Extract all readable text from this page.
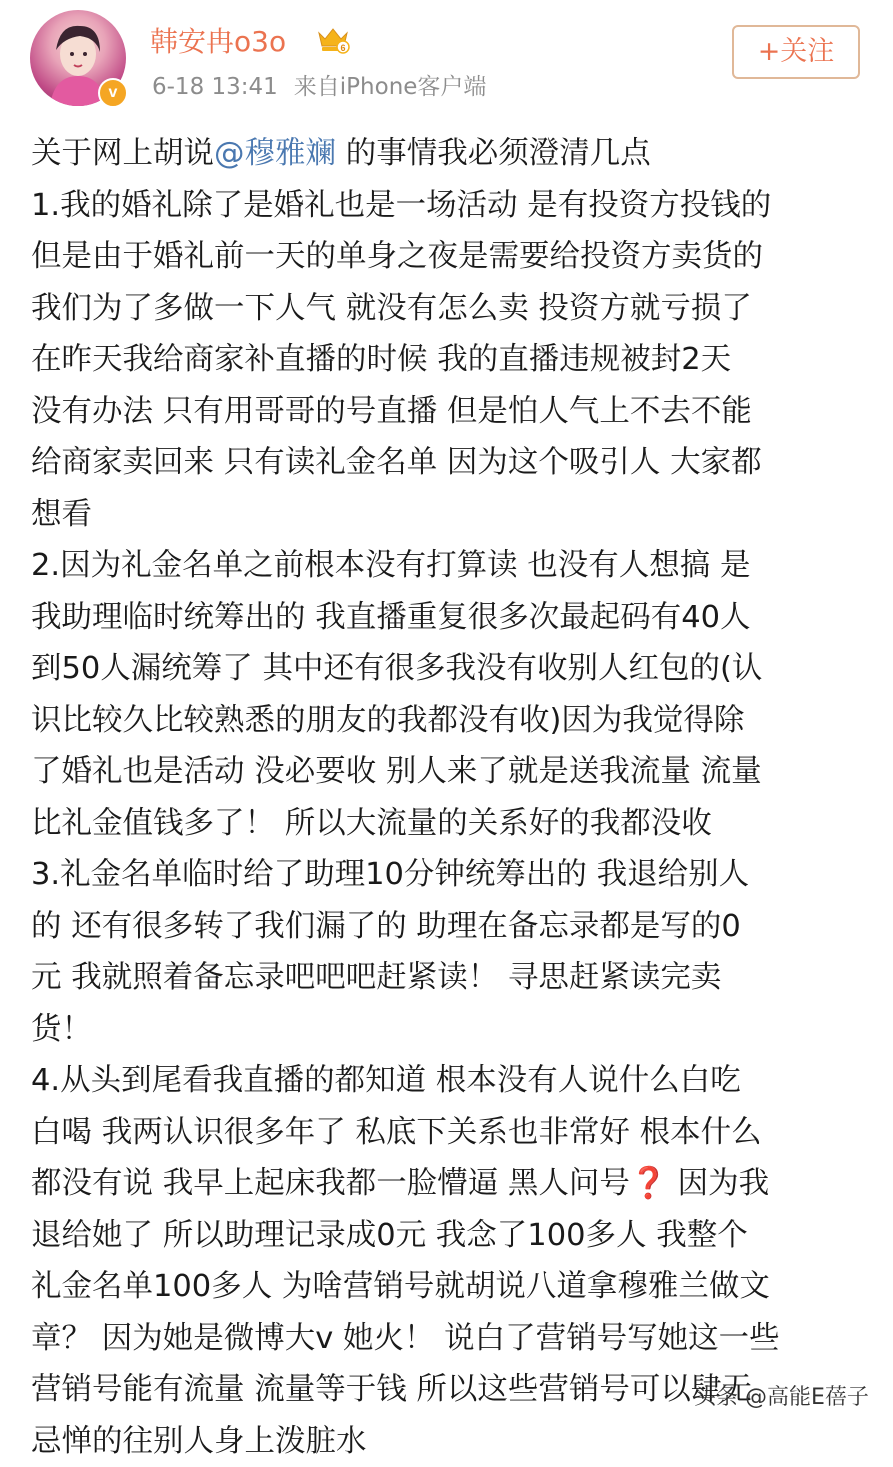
v
韩安冉o3o	6
6-18 13:41 来自iPhone客户端
+关注
关于网上胡说@穆雅斓 的事情我必须澄清几点
1.我的婚礼除了是婚礼也是一场活动 是有投资方投钱的
但是由于婚礼前一天的单身之夜是需要给投资方卖货的
我们为了多做一下人气 就没有怎么卖 投资方就亏损了
在昨天我给商家补直播的时候 我的直播违规被封2天
没有办法 只有用哥哥的号直播 但是怕人气上不去不能
给商家卖回来 只有读礼金名单 因为这个吸引人 大家都
想看
2.因为礼金名单之前根本没有打算读 也没有人想搞 是
我助理临时统筹出的 我直播重复很多次最起码有40人
到50人漏统筹了 其中还有很多我没有收别人红包的(认
识比较久比较熟悉的朋友的我都没有收)因为我觉得除
了婚礼也是活动 没必要收 别人来了就是送我流量 流量
比礼金值钱多了！ 所以大流量的关系好的我都没收
3.礼金名单临时给了助理10分钟统筹出的 我退给别人
的 还有很多转了我们漏了的 助理在备忘录都是写的0
元 我就照着备忘录吧吧吧赶紧读！ 寻思赶紧读完卖
货！
4.从头到尾看我直播的都知道 根本没有人说什么白吃
白喝 我两认识很多年了 私底下关系也非常好 根本什么
都没有说 我早上起床我都一脸懵逼 黑人问号❓ 因为我
退给她了 所以助理记录成0元 我念了100多人 我整个
礼金名单100多人 为啥营销号就胡说八道拿穆雅兰做文
章？ 因为她是微博大v 她火！ 说白了营销号写她这一些
营销号能有流量 流量等于钱 所以这些营销号可以肆无
忌惮的往别人身上泼脏水
头条 @高能E蓓子
